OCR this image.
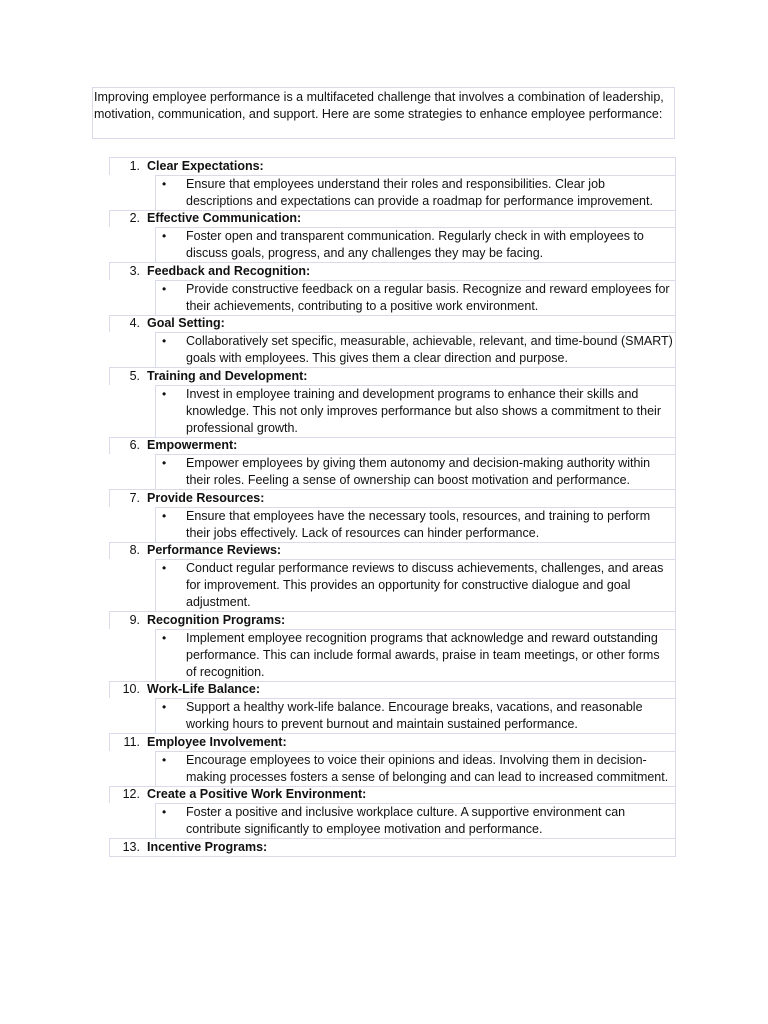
Improving employee performance is a multifaceted challenge that involves a combination of leadership, motivation, communication, and support. Here are some strategies to enhance employee performance:

1. Clear Expectations:
• Ensure that employees understand their roles and responsibilities. Clear job descriptions and expectations can provide a roadmap for performance improvement.
2. Effective Communication:
• Foster open and transparent communication. Regularly check in with employees to discuss goals, progress, and any challenges they may be facing.
3. Feedback and Recognition:
• Provide constructive feedback on a regular basis. Recognize and reward employees for their achievements, contributing to a positive work environment.
4. Goal Setting:
• Collaboratively set specific, measurable, achievable, relevant, and time-bound (SMART) goals with employees. This gives them a clear direction and purpose.
5. Training and Development:
• Invest in employee training and development programs to enhance their skills and knowledge. This not only improves performance but also shows a commitment to their professional growth.
6. Empowerment:
• Empower employees by giving them autonomy and decision-making authority within their roles. Feeling a sense of ownership can boost motivation and performance.
7. Provide Resources:
• Ensure that employees have the necessary tools, resources, and training to perform their jobs effectively. Lack of resources can hinder performance.
8. Performance Reviews:
• Conduct regular performance reviews to discuss achievements, challenges, and areas for improvement. This provides an opportunity for constructive dialogue and goal adjustment.
9. Recognition Programs:
• Implement employee recognition programs that acknowledge and reward outstanding performance. This can include formal awards, praise in team meetings, or other forms of recognition.
10. Work-Life Balance:
• Support a healthy work-life balance. Encourage breaks, vacations, and reasonable working hours to prevent burnout and maintain sustained performance.
11. Employee Involvement:
• Encourage employees to voice their opinions and ideas. Involving them in decision-making processes fosters a sense of belonging and can lead to increased commitment.
12. Create a Positive Work Environment:
• Foster a positive and inclusive workplace culture. A supportive environment can contribute significantly to employee motivation and performance.
13. Incentive Programs:
